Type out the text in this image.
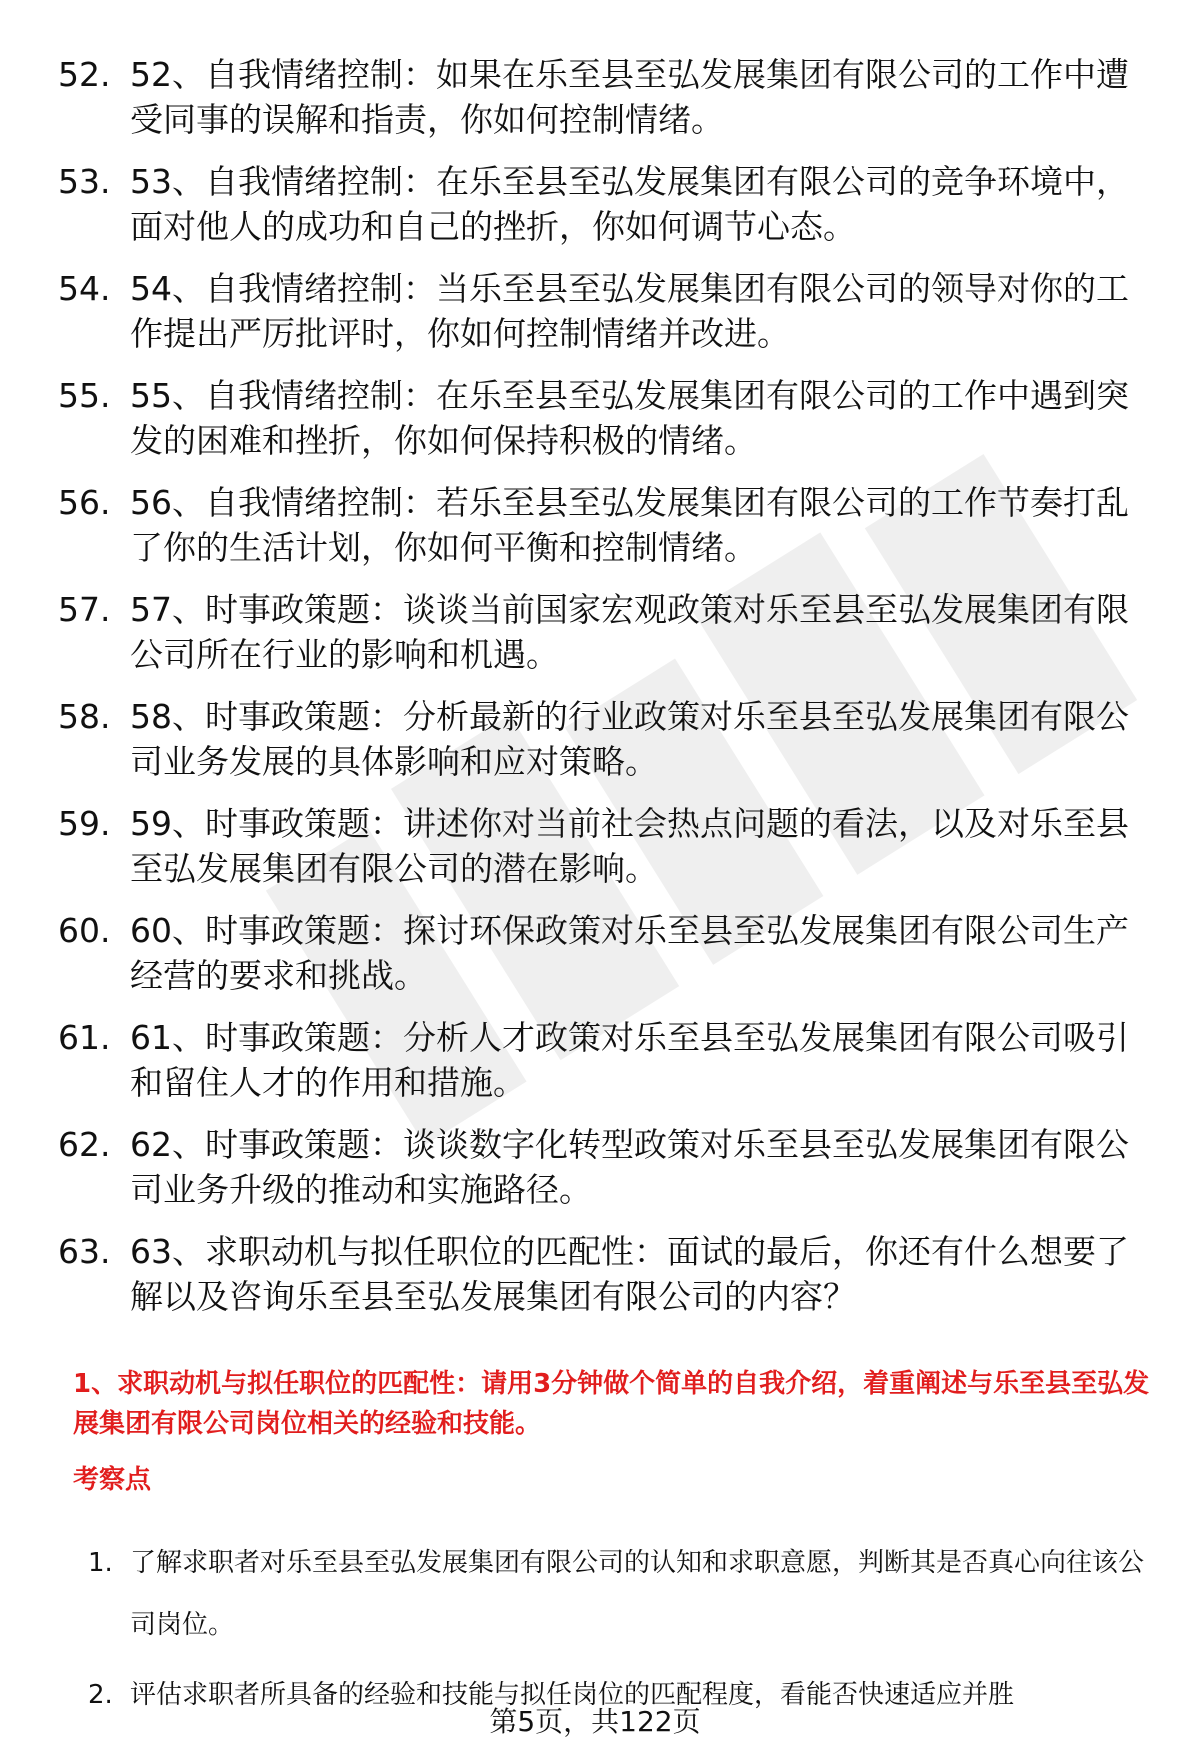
52. 52、自我情绪控制：如果在乐至县至弘发展集团有限公司的工作中遭受同事的误解和指责，你如何控制情绪。
53. 53、自我情绪控制：在乐至县至弘发展集团有限公司的竞争环境中，面对他人的成功和自己的挫折，你如何调节心态。
54. 54、自我情绪控制：当乐至县至弘发展集团有限公司的领导对你的工作提出严厉批评时，你如何控制情绪并改进。
55. 55、自我情绪控制：在乐至县至弘发展集团有限公司的工作中遇到突发的困难和挫折，你如何保持积极的情绪。
56. 56、自我情绪控制：若乐至县至弘发展集团有限公司的工作节奏打乱了你的生活计划，你如何平衡和控制情绪。
57. 57、时事政策题：谈谈当前国家宏观政策对乐至县至弘发展集团有限公司所在行业的影响和机遇。
58. 58、时事政策题：分析最新的行业政策对乐至县至弘发展集团有限公司业务发展的具体影响和应对策略。
59. 59、时事政策题：讲述你对当前社会热点问题的看法，以及对乐至县至弘发展集团有限公司的潜在影响。
60. 60、时事政策题：探讨环保政策对乐至县至弘发展集团有限公司生产经营的要求和挑战。
61. 61、时事政策题：分析人才政策对乐至县至弘发展集团有限公司吸引和留住人才的作用和措施。
62. 62、时事政策题：谈谈数字化转型政策对乐至县至弘发展集团有限公司业务升级的推动和实施路径。
63. 63、求职动机与拟任职位的匹配性：面试的最后，你还有什么想要了解以及咨询乐至县至弘发展集团有限公司的内容？
1、求职动机与拟任职位的匹配性：请用3分钟做个简单的自我介绍，着重阐述与乐至县至弘发展集团有限公司岗位相关的经验和技能。
考察点
1. 了解求职者对乐至县至弘发展集团有限公司的认知和求职意愿，判断其是否真心向往该公司岗位。
2. 评估求职者所具备的经验和技能与拟任岗位的匹配程度，看能否快速适应并胜
第5页，共122页
